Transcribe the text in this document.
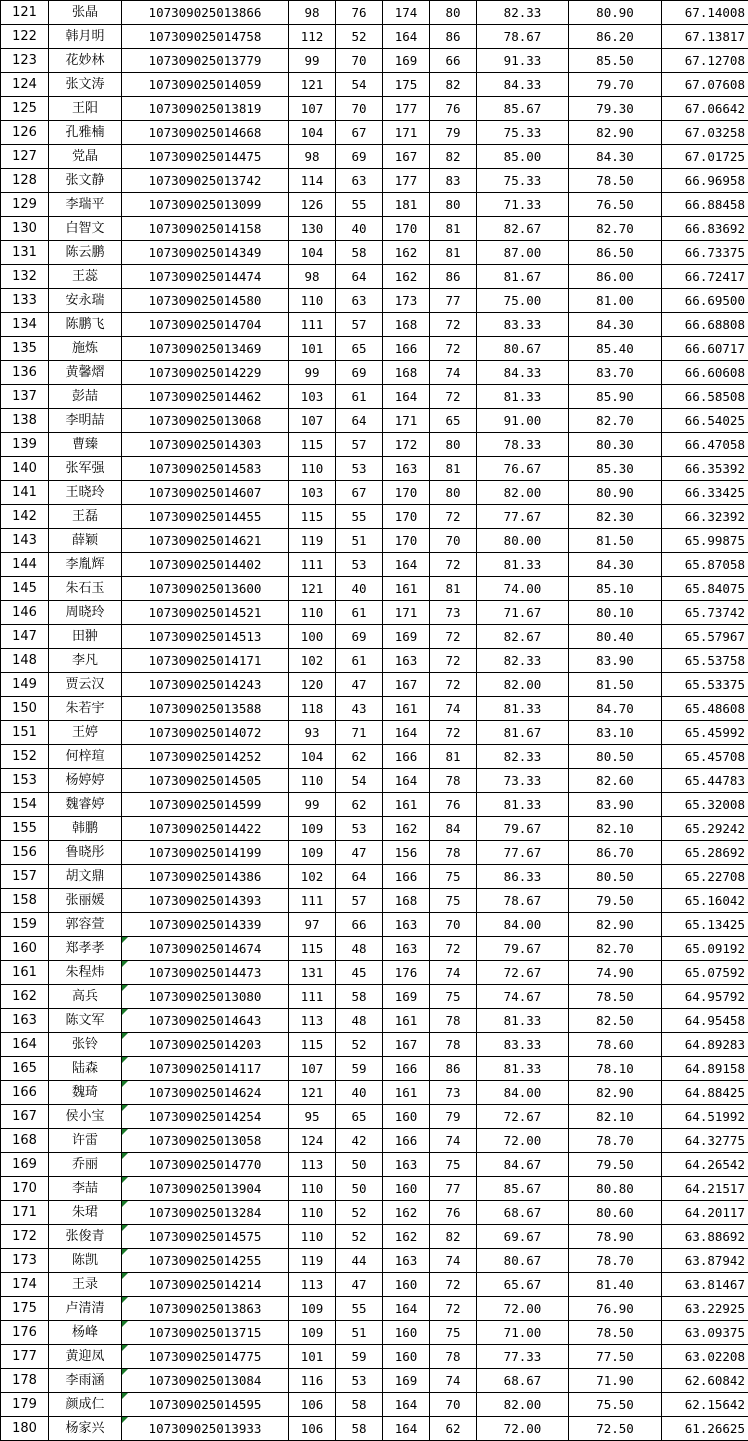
121	张晶	107309025013866	98	76	174	80	82.33	80.90	67.14008
122	韩月明	107309025014758	112	52	164	86	78.67	86.20	67.13817
123	花妙林	107309025013779	99	70	169	66	91.33	85.50	67.12708
124	张文涛	107309025014059	121	54	175	82	84.33	79.70	67.07608
125	王阳	107309025013819	107	70	177	76	85.67	79.30	67.06642
126	孔雅楠	107309025014668	104	67	171	79	75.33	82.90	67.03258
127	党晶	107309025014475	98	69	167	82	85.00	84.30	67.01725
128	张文静	107309025013742	114	63	177	83	75.33	78.50	66.96958
129	李瑞平	107309025013099	126	55	181	80	71.33	76.50	66.88458
130	白智文	107309025014158	130	40	170	81	82.67	82.70	66.83692
131	陈云鹏	107309025014349	104	58	162	81	87.00	86.50	66.73375
132	王蕊	107309025014474	98	64	162	86	81.67	86.00	66.72417
133	安永瑞	107309025014580	110	63	173	77	75.00	81.00	66.69500
134	陈鹏飞	107309025014704	111	57	168	72	83.33	84.30	66.68808
135	施炼	107309025013469	101	65	166	72	80.67	85.40	66.60717
136	黄馨熠	107309025014229	99	69	168	74	84.33	83.70	66.60608
137	彭喆	107309025014462	103	61	164	72	81.33	85.90	66.58508
138	李明喆	107309025013068	107	64	171	65	91.00	82.70	66.54025
139	曹臻	107309025014303	115	57	172	80	78.33	80.30	66.47058
140	张军强	107309025014583	110	53	163	81	76.67	85.30	66.35392
141	王晓玲	107309025014607	103	67	170	80	82.00	80.90	66.33425
142	王磊	107309025014455	115	55	170	72	77.67	82.30	66.32392
143	薛颖	107309025014621	119	51	170	70	80.00	81.50	65.99875
144	李胤辉	107309025014402	111	53	164	72	81.33	84.30	65.87058
145	朱石玉	107309025013600	121	40	161	81	74.00	85.10	65.84075
146	周晓玲	107309025014521	110	61	171	73	71.67	80.10	65.73742
147	田翀	107309025014513	100	69	169	72	82.67	80.40	65.57967
148	李凡	107309025014171	102	61	163	72	82.33	83.90	65.53758
149	贾云汉	107309025014243	120	47	167	72	82.00	81.50	65.53375
150	朱若宇	107309025013588	118	43	161	74	81.33	84.70	65.48608
151	王婷	107309025014072	93	71	164	72	81.67	83.10	65.45992
152	何梓瑄	107309025014252	104	62	166	81	82.33	80.50	65.45708
153	杨婷婷	107309025014505	110	54	164	78	73.33	82.60	65.44783
154	魏睿婷	107309025014599	99	62	161	76	81.33	83.90	65.32008
155	韩鹏	107309025014422	109	53	162	84	79.67	82.10	65.29242
156	鲁晓彤	107309025014199	109	47	156	78	77.67	86.70	65.28692
157	胡文鼎	107309025014386	102	64	166	75	86.33	80.50	65.22708
158	张丽媛	107309025014393	111	57	168	75	78.67	79.50	65.16042
159	郭容萱	107309025014339	97	66	163	70	84.00	82.90	65.13425
160	郑孝孝	107309025014674	115	48	163	72	79.67	82.70	65.09192
161	朱程炜	107309025014473	131	45	176	74	72.67	74.90	65.07592
162	高兵	107309025013080	111	58	169	75	74.67	78.50	64.95792
163	陈文军	107309025014643	113	48	161	78	81.33	82.50	64.95458
164	张铃	107309025014203	115	52	167	78	83.33	78.60	64.89283
165	陆森	107309025014117	107	59	166	86	81.33	78.10	64.89158
166	魏琦	107309025014624	121	40	161	73	84.00	82.90	64.88425
167	侯小宝	107309025014254	95	65	160	79	72.67	82.10	64.51992
168	许雷	107309025013058	124	42	166	74	72.00	78.70	64.32775
169	乔丽	107309025014770	113	50	163	75	84.67	79.50	64.26542
170	李喆	107309025013904	110	50	160	77	85.67	80.80	64.21517
171	朱珺	107309025013284	110	52	162	76	68.67	80.60	64.20117
172	张俊青	107309025014575	110	52	162	82	69.67	78.90	63.88692
173	陈凯	107309025014255	119	44	163	74	80.67	78.70	63.87942
174	王录	107309025014214	113	47	160	72	65.67	81.40	63.81467
175	卢清清	107309025013863	109	55	164	72	72.00	76.90	63.22925
176	杨峰	107309025013715	109	51	160	75	71.00	78.50	63.09375
177	黄迎凤	107309025014775	101	59	160	78	77.33	77.50	63.02208
178	李雨涵	107309025013084	116	53	169	74	68.67	71.90	62.60842
179	颜成仁	107309025014595	106	58	164	70	82.00	75.50	62.15642
180	杨家兴	107309025013933	106	58	164	62	72.00	72.50	61.26625
